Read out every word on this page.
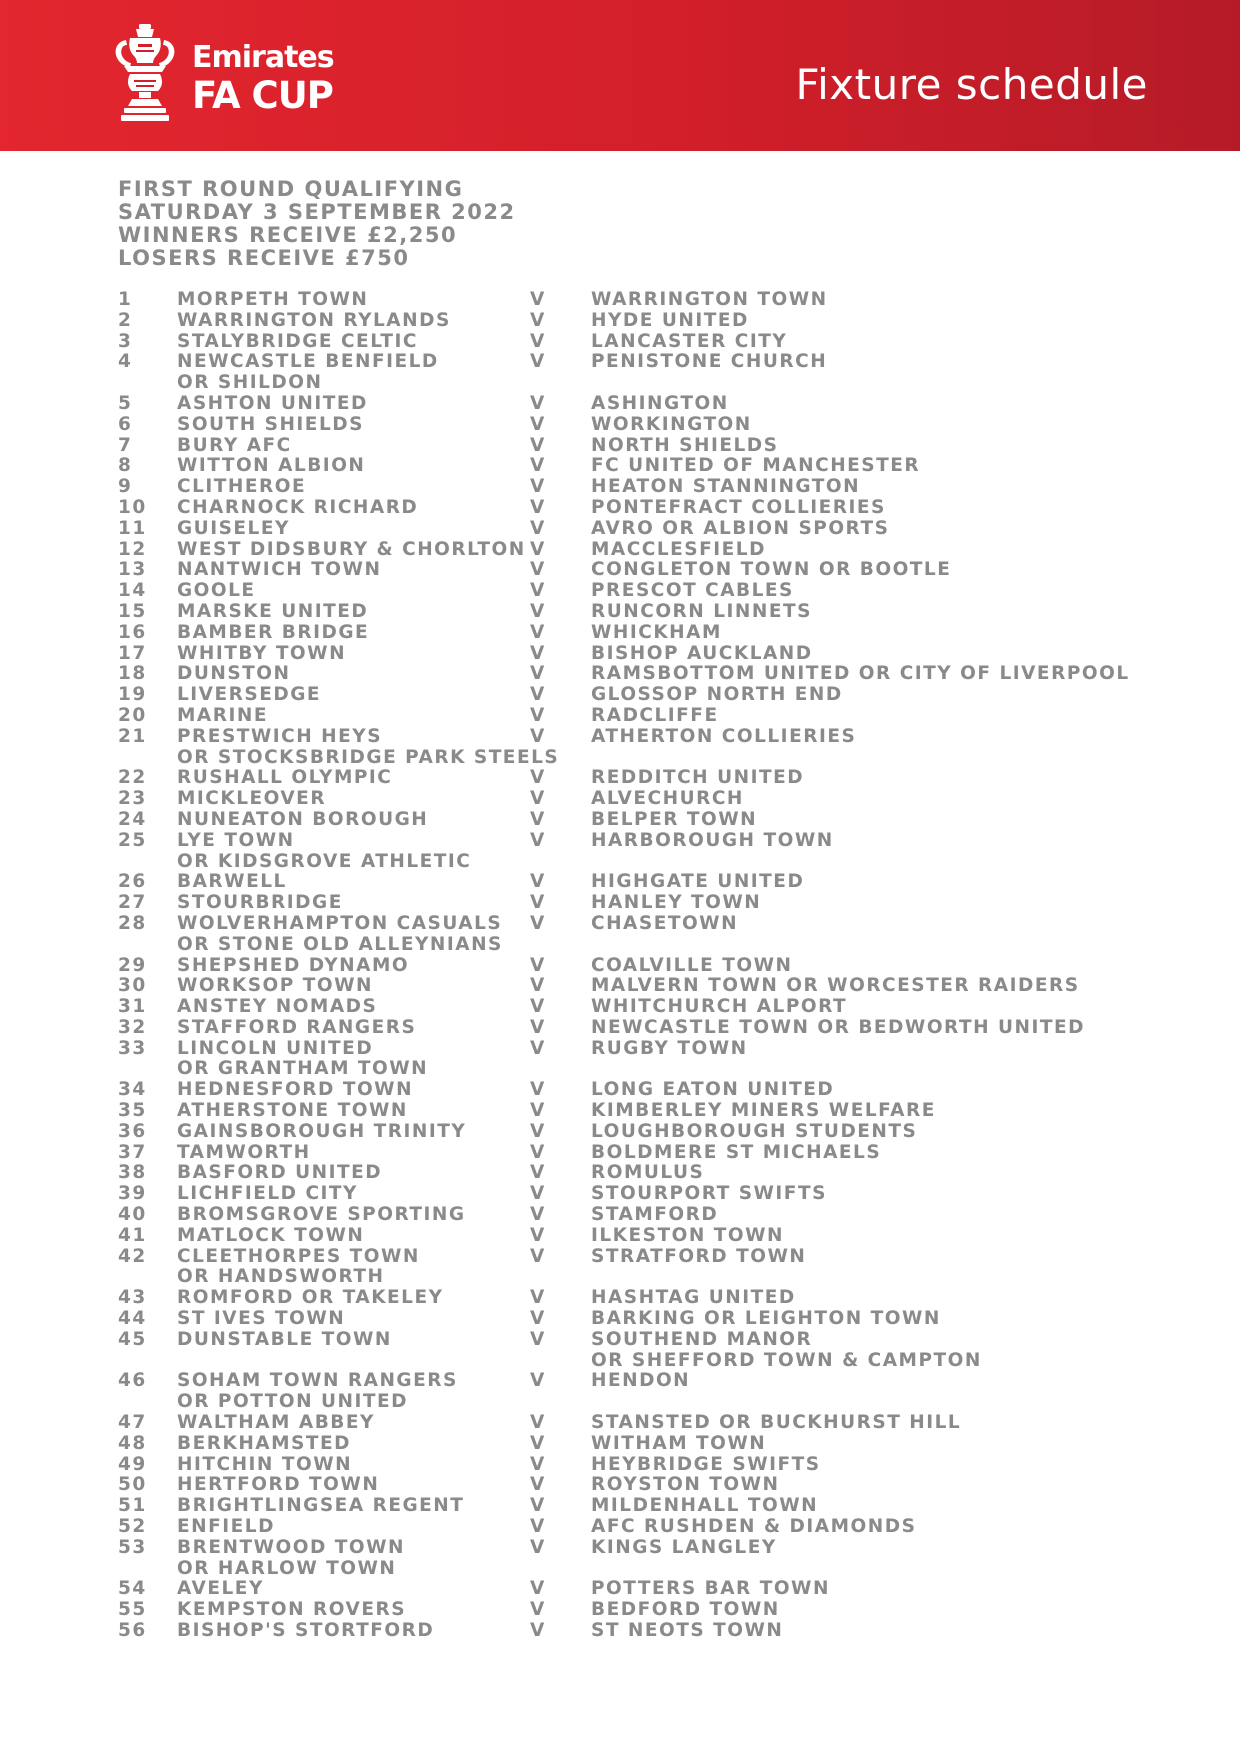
Emirates
FA CUP	Fixture schedule
FIRST ROUND QUALIFYING
SATURDAY 3 SEPTEMBER 2022
WINNERS RECEIVE £2,250
LOSERS RECEIVE £750
1 MORPETH TOWN	V WARRINGTON TOWN
2 WARRINGTON RYLANDS	V HYDE UNITED
3 STALYBRIDGE CELTIC	V LANCASTER CITY
4 NEWCASTLE BENFIELD	V PENISTONE CHURCH
OR SHILDON
5 ASHTON UNITED	V ASHINGTON
6 SOUTH SHIELDS	V WORKINGTON
7 BURY AFC	V NORTH SHIELDS
8 WITTON ALBION	V FC UNITED OF MANCHESTER
9 CLITHEROE	V HEATON STANNINGTON
10 CHARNOCK RICHARD	V PONTEFRACT COLLIERIES
11 GUISELEY	V AVRO OR ALBION SPORTS
12 WEST DIDSBURY & CHORLTON V MACCLESFIELD
13 NANTWICH TOWN	V CONGLETON TOWN OR BOOTLE
14 GOOLE	V PRESCOT CABLES
15 MARSKE UNITED	V RUNCORN LINNETS
16 BAMBER BRIDGE	V WHICKHAM
17 WHITBY TOWN	V BISHOP AUCKLAND
18 DUNSTON	V RAMSBOTTOM UNITED OR CITY OF LIVERPOOL
19 LIVERSEDGE	V GLOSSOP NORTH END
20 MARINE	V RADCLIFFE
21 PRESTWICH HEYS	V ATHERTON COLLIERIES
OR STOCKSBRIDGE PARK STEELS
22 RUSHALL OLYMPIC	V REDDITCH UNITED
23 MICKLEOVER	V ALVECHURCH
24 NUNEATON BOROUGH	V BELPER TOWN
25 LYE TOWN	V HARBOROUGH TOWN
OR KIDSGROVE ATHLETIC
26 BARWELL	V HIGHGATE UNITED
27 STOURBRIDGE	V HANLEY TOWN
28 WOLVERHAMPTON CASUALS V CHASETOWN
OR STONE OLD ALLEYNIANS
29 SHEPSHED DYNAMO	V COALVILLE TOWN
30 WORKSOP TOWN	V MALVERN TOWN OR WORCESTER RAIDERS
31 ANSTEY NOMADS	V WHITCHURCH ALPORT
32 STAFFORD RANGERS	V NEWCASTLE TOWN OR BEDWORTH UNITED
33 LINCOLN UNITED	V RUGBY TOWN
OR GRANTHAM TOWN
34 HEDNESFORD TOWN	V LONG EATON UNITED
35 ATHERSTONE TOWN	V KIMBERLEY MINERS WELFARE
36 GAINSBOROUGH TRINITY	V LOUGHBOROUGH STUDENTS
37 TAMWORTH	V BOLDMERE ST MICHAELS
38 BASFORD UNITED	V ROMULUS
39 LICHFIELD CITY	V STOURPORT SWIFTS
40 BROMSGROVE SPORTING	V STAMFORD
41 MATLOCK TOWN	V ILKESTON TOWN
42 CLEETHORPES TOWN	V STRATFORD TOWN
OR HANDSWORTH
43 ROMFORD OR TAKELEY	V HASHTAG UNITED
44 ST IVES TOWN	V BARKING OR LEIGHTON TOWN
45 DUNSTABLE TOWN	V SOUTHEND MANOR
OR SHEFFORD TOWN & CAMPTON
46 SOHAM TOWN RANGERS	V HENDON
OR POTTON UNITED
47 WALTHAM ABBEY	V STANSTED OR BUCKHURST HILL
48 BERKHAMSTED	V WITHAM TOWN
49 HITCHIN TOWN	V HEYBRIDGE SWIFTS
50 HERTFORD TOWN	V ROYSTON TOWN
51 BRIGHTLINGSEA REGENT	V MILDENHALL TOWN
52 ENFIELD	V AFC RUSHDEN & DIAMONDS
53 BRENTWOOD TOWN	V KINGS LANGLEY
OR HARLOW TOWN
54 AVELEY	V POTTERS BAR TOWN
55 KEMPSTON ROVERS	V BEDFORD TOWN
56 BISHOP'S STORTFORD	V ST NEOTS TOWN
